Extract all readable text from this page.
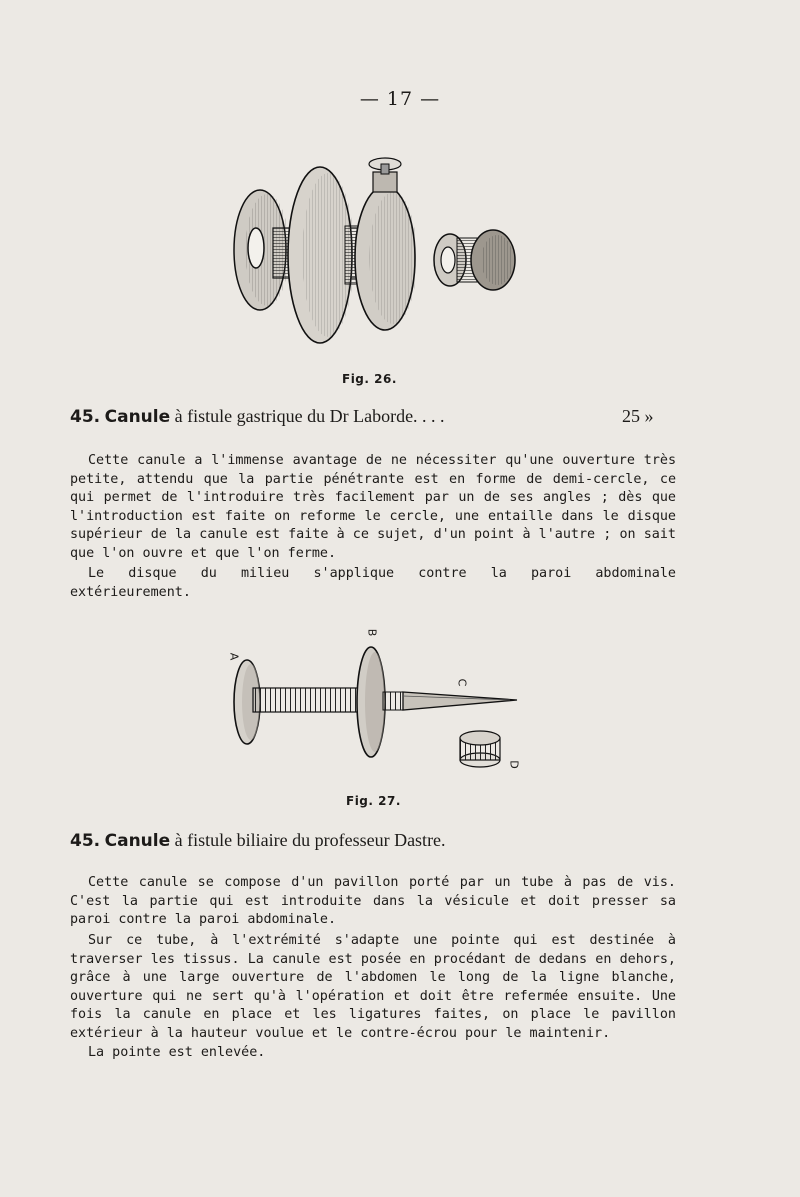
— 17 —
Fig. 26.
45. Canule à fistule gastrique du Dr Laborde. . . .	25 »

Cette canule a l'immense avantage de ne nécessiter qu'une ouverture très petite, attendu que la partie pénétrante est en forme de demi-cercle, ce qui permet de l'introduire très facilement par un de ses angles ; dès que l'introduction est faite on reforme le cercle, une entaille dans le disque supérieur de la canule est faite à ce sujet, d'un point à l'autre ; on sait que l'on ouvre et que l'on ferme.

Le disque du milieu s'applique contre la paroi abdominale extérieurement.

A
B
C
D
Fig. 27.
45. Canule à fistule biliaire du professeur Dastre.

Cette canule se compose d'un pavillon porté par un tube à pas de vis. C'est la partie qui est introduite dans la vésicule et doit presser sa paroi contre la paroi abdominale.

Sur ce tube, à l'extrémité s'adapte une pointe qui est destinée à traverser les tissus. La canule est posée en procédant de dedans en dehors, grâce à une large ouverture de l'abdomen le long de la ligne blanche, ouverture qui ne sert qu'à l'opération et doit être refermée ensuite. Une fois la canule en place et les ligatures faites, on place le pavillon extérieur à la hauteur voulue et le contre-écrou pour le maintenir.

La pointe est enlevée.
